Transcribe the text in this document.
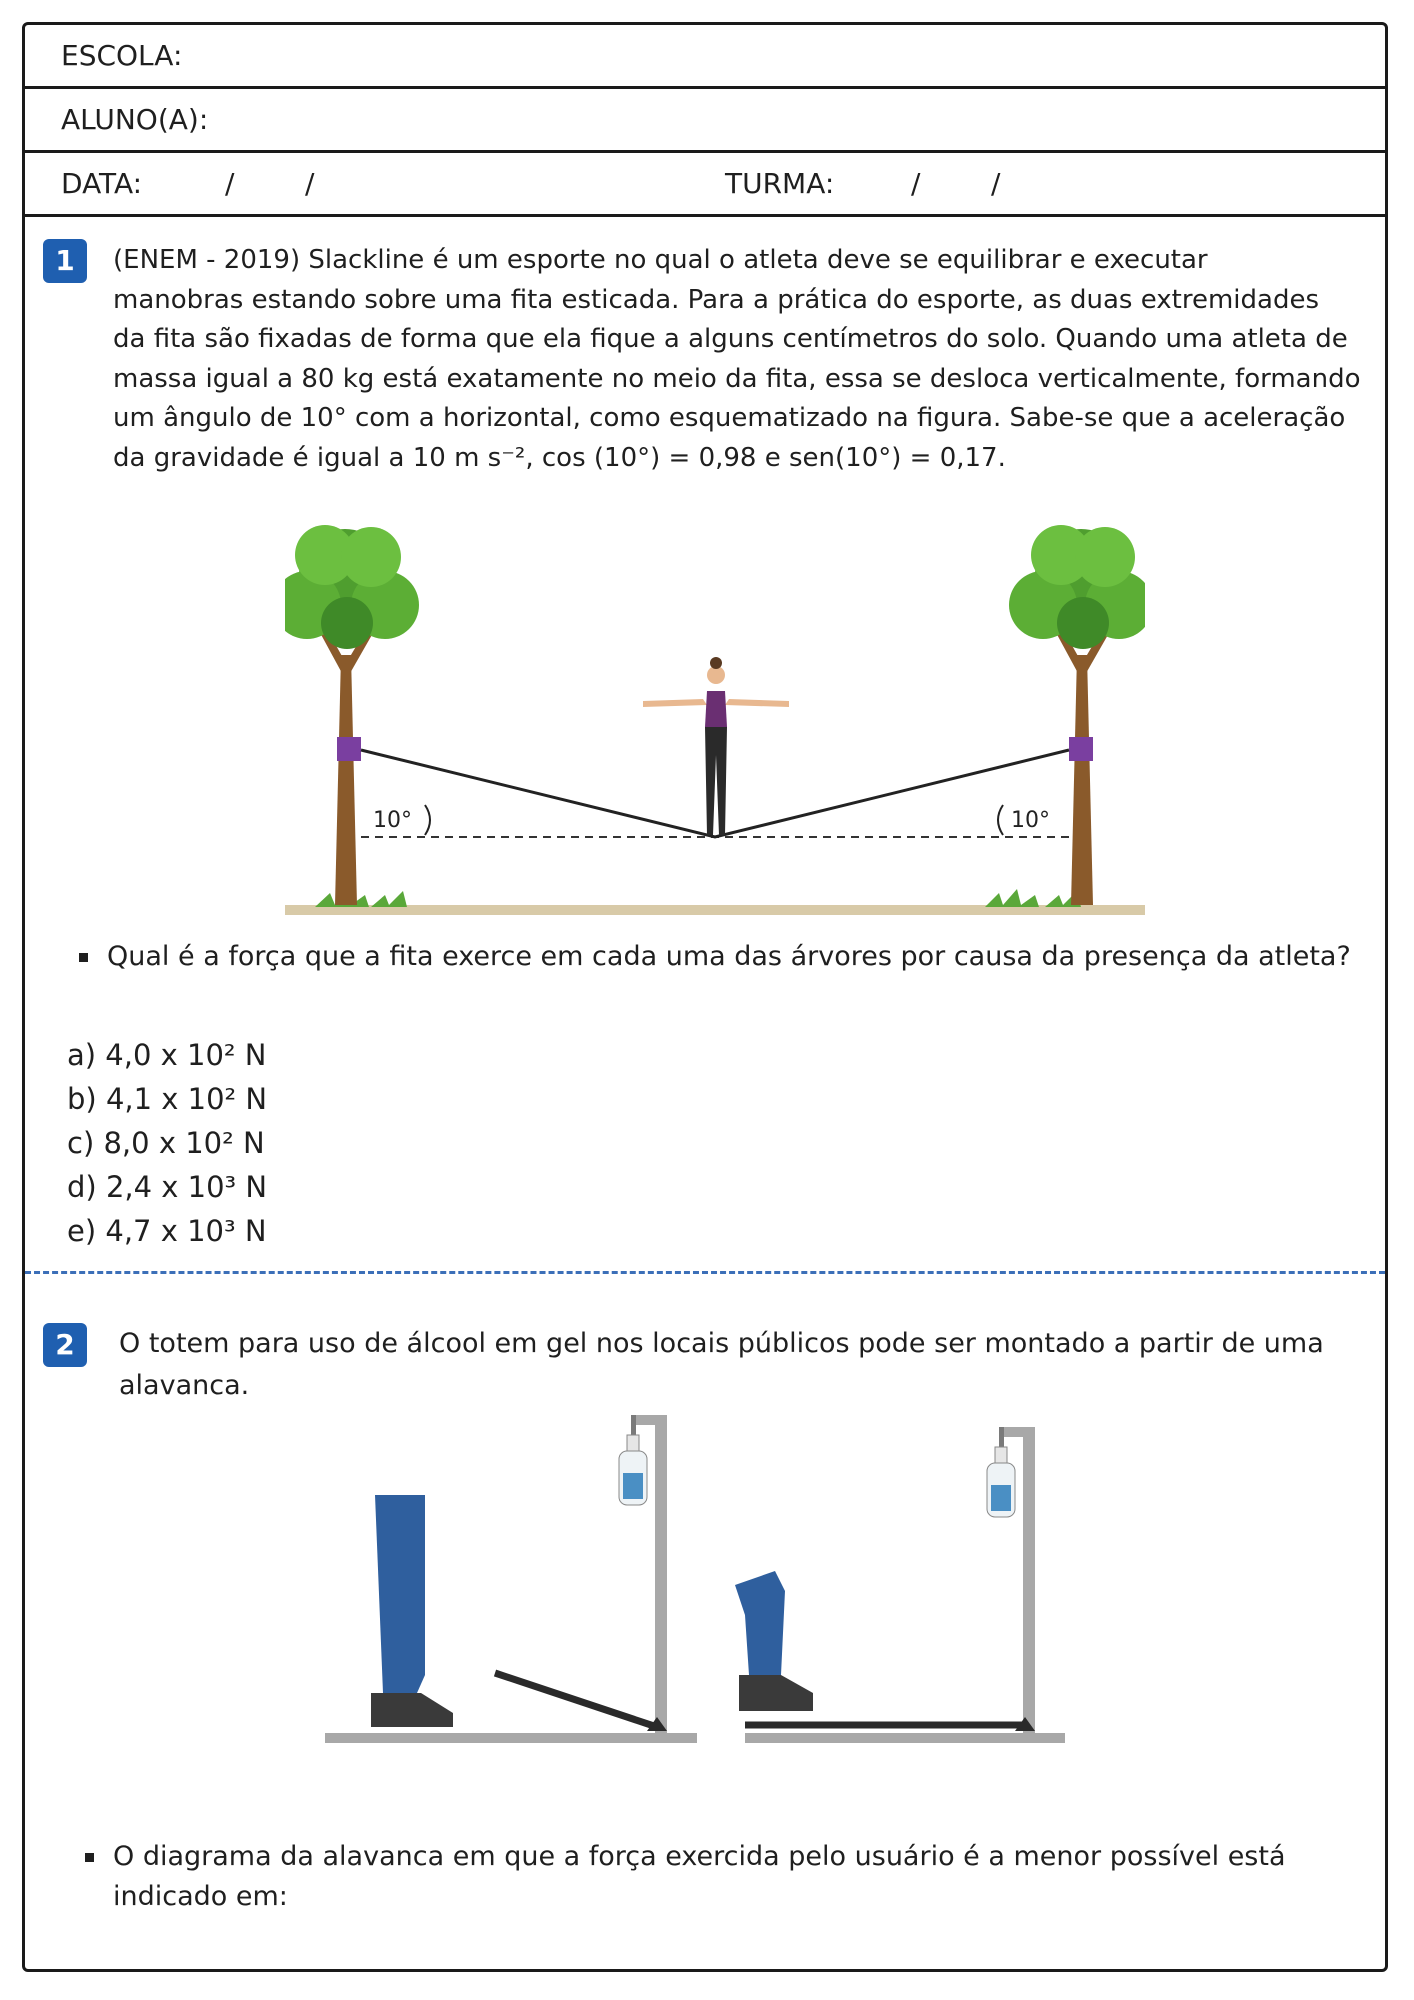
ESCOLA:
ALUNO(A):
DATA:	/	/	TURMA:	/	/
1	(ENEM - 2019) Slackline é um esporte no qual o atleta deve se equilibrar e executar
manobras estando sobre uma fita esticada. Para a prática do esporte, as duas extremidades
da fita são fixadas de forma que ela fique a alguns centímetros do solo. Quando uma atleta de
massa igual a 80 kg está exatamente no meio da fita, essa se desloca verticalmente, formando
um ângulo de 10° com a horizontal, como esquematizado na figura. Sabe-se que a aceleração
da gravidade é igual a 10 m s⁻², cos (10°) = 0,98 e sen(10°) = 0,17.
10°	10°
Qual é a força que a fita exerce em cada uma das árvores por causa da presença da atleta?
a) 4,0 x 10² N
b) 4,1 x 10² N
c) 8,0 x 10² N
d) 2,4 x 10³ N
e) 4,7 x 10³ N
2	O totem para uso de álcool em gel nos locais públicos pode ser montado a partir de uma
alavanca.
O diagrama da alavanca em que a força exercida pelo usuário é a menor possível está
indicado em:
